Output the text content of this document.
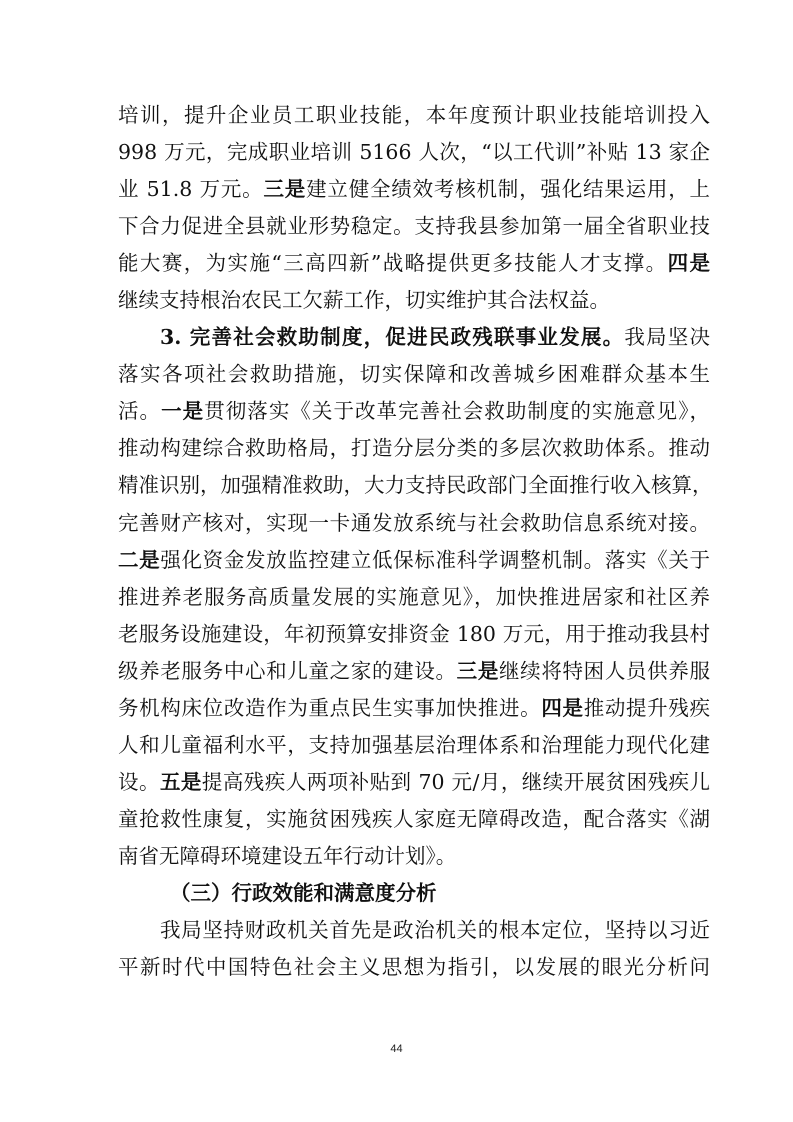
培训，提升企业员工职业技能，本年度预计职业技能培训投入
998 万元，完成职业培训 5166 人次，“以工代训”补贴 13 家企
业 51.8 万元。三是建立健全绩效考核机制，强化结果运用，上
下合力促进全县就业形势稳定。支持我县参加第一届全省职业技
能大赛，为实施“三高四新”战略提供更多技能人才支撑。四是
继续支持根治农民工欠薪工作，切实维护其合法权益。
3. 完善社会救助制度，促进民政残联事业发展。我局坚决
落实各项社会救助措施，切实保障和改善城乡困难群众基本生
活。一是贯彻落实《关于改革完善社会救助制度的实施意见》，
推动构建综合救助格局，打造分层分类的多层次救助体系。推动
精准识别，加强精准救助，大力支持民政部门全面推行收入核算，
完善财产核对，实现一卡通发放系统与社会救助信息系统对接。
二是强化资金发放监控建立低保标准科学调整机制。落实《关于
推进养老服务高质量发展的实施意见》，加快推进居家和社区养
老服务设施建设，年初预算安排资金 180 万元，用于推动我县村
级养老服务中心和儿童之家的建设。三是继续将特困人员供养服
务机构床位改造作为重点民生实事加快推进。四是推动提升残疾
人和儿童福利水平，支持加强基层治理体系和治理能力现代化建
设。五是提高残疾人两项补贴到 70 元/月，继续开展贫困残疾儿
童抢救性康复，实施贫困残疾人家庭无障碍改造，配合落实《湖
南省无障碍环境建设五年行动计划》。
（三）行政效能和满意度分析
我局坚持财政机关首先是政治机关的根本定位，坚持以习近
平新时代中国特色社会主义思想为指引，以发展的眼光分析问
44
